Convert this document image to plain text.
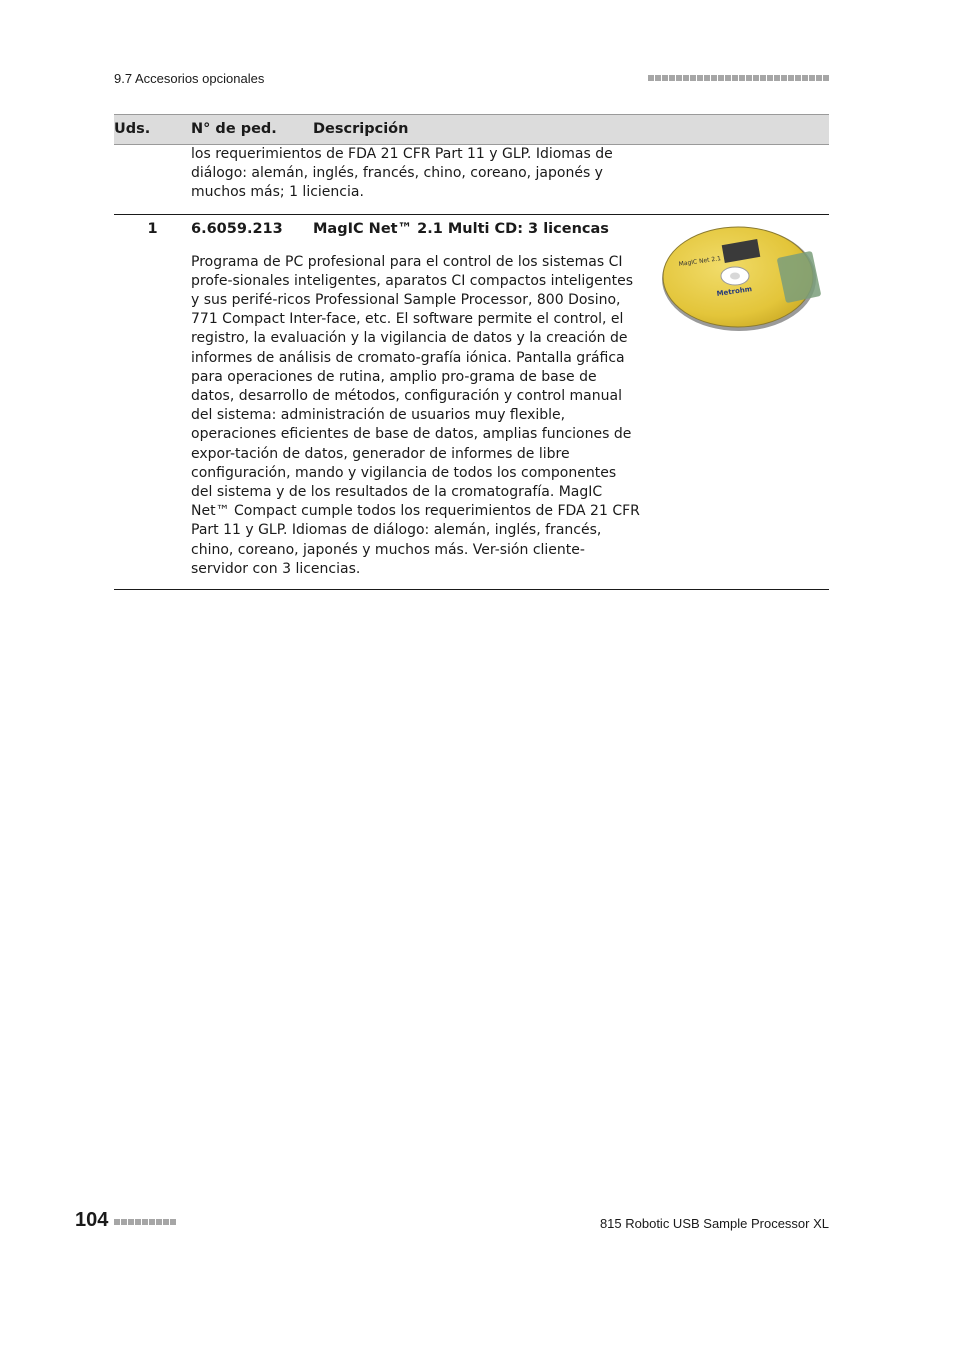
9.7 Accesorios opcionales
Uds.	N° de ped.	Descripción

	los requerimientos de FDA 21 CFR Part 11 y GLP. Idiomas de diálogo: alemán, inglés, francés, chino, coreano, japonés y muchos más; 1 liciencia.	

1	6.6059.213 MagIC Net™ 2.1 Multi CD: 3 licencas
Programa de PC profesional para el control de los sistemas CI profe-sionales inteligentes, aparatos CI compactos inteligentes y sus perifé-ricos Professional Sample Processor, 800 Dosino, 771 Compact Inter-face, etc. El software permite el control, el registro, la evaluación y la vigilancia de datos y la creación de informes de análisis de cromato-grafía iónica. Pantalla gráfica para operaciones de rutina, amplio pro-grama de base de datos, desarrollo de métodos, configuración y control manual del sistema: administración de usuarios muy flexible, operaciones eficientes de base de datos, amplias funciones de expor-tación de datos, generador de informes de libre configuración, mando y vigilancia de todos los componentes del sistema y de los resultados de la cromatografía. MagIC Net™ Compact cumple todos los requerimientos de FDA 21 CFR Part 11 y GLP. Idiomas de diálogo: alemán, inglés, francés, chino, coreano, japonés y muchos más. Ver-sión cliente-servidor con 3 licencias.
MagIC Net 2.1
Metrohm	
104	815 Robotic USB Sample Processor XL
